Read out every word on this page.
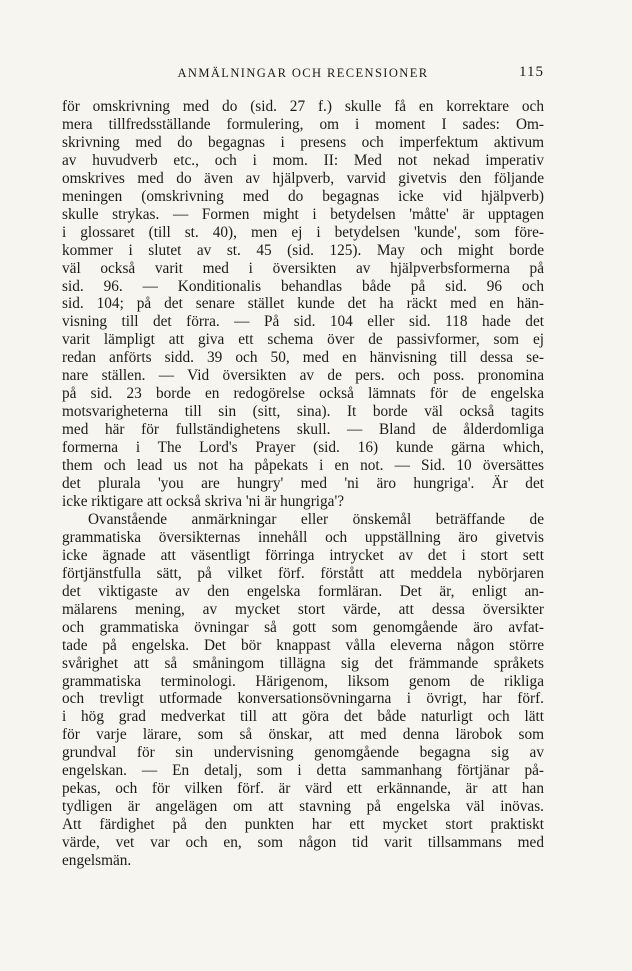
ANMÄLNINGAR OCH RECENSIONER	115
för omskrivning med do (sid. 27 f.) skulle få en korrektare och
mera tillfredsställande formulering, om i moment I sades: Om-
skrivning med do begagnas i presens och imperfektum aktivum
av huvudverb etc., och i mom. II: Med not nekad imperativ
omskrives med do även av hjälpverb, varvid givetvis den följande
meningen (omskrivning med do begagnas icke vid hjälpverb)
skulle strykas. — Formen might i betydelsen 'måtte' är upptagen
i glossaret (till st. 40), men ej i betydelsen 'kunde', som före-
kommer i slutet av st. 45 (sid. 125). May och might borde
väl också varit med i översikten av hjälpverbsformerna på
sid. 96. — Konditionalis behandlas både på sid. 96 och
sid. 104; på det senare stället kunde det ha räckt med en hän-
visning till det förra. — På sid. 104 eller sid. 118 hade det
varit lämpligt att giva ett schema över de passivformer, som ej
redan anförts sidd. 39 och 50, med en hänvisning till dessa se-
nare ställen. — Vid översikten av de pers. och poss. pronomina
på sid. 23 borde en redogörelse också lämnats för de engelska
motsvarigheterna till sin (sitt, sina). It borde väl också tagits
med här för fullständighetens skull. — Bland de ålderdomliga
formerna i The Lord's Prayer (sid. 16) kunde gärna which,
them och lead us not ha påpekats i en not. — Sid. 10 översättes
det plurala 'you are hungry' med 'ni äro hungriga'. Är det
icke riktigare att också skriva 'ni är hungriga'?
Ovanstående anmärkningar eller önskemål beträffande de
grammatiska översikternas innehåll och uppställning äro givetvis
icke ägnade att väsentligt förringa intrycket av det i stort sett
förtjänstfulla sätt, på vilket förf. förstått att meddela nybörjaren
det viktigaste av den engelska formläran. Det är, enligt an-
mälarens mening, av mycket stort värde, att dessa översikter
och grammatiska övningar så gott som genomgående äro avfat-
tade på engelska. Det bör knappast vålla eleverna någon större
svårighet att så småningom tillägna sig det främmande språkets
grammatiska terminologi. Härigenom, liksom genom de rikliga
och trevligt utformade konversationsövningarna i övrigt, har förf.
i hög grad medverkat till att göra det både naturligt och lätt
för varje lärare, som så önskar, att med denna lärobok som
grundval för sin undervisning genomgående begagna sig av
engelskan. — En detalj, som i detta sammanhang förtjänar på-
pekas, och för vilken förf. är värd ett erkännande, är att han
tydligen är angelägen om att stavning på engelska väl inövas.
Att färdighet på den punkten har ett mycket stort praktiskt
värde, vet var och en, som någon tid varit tillsammans med
engelsmän.
